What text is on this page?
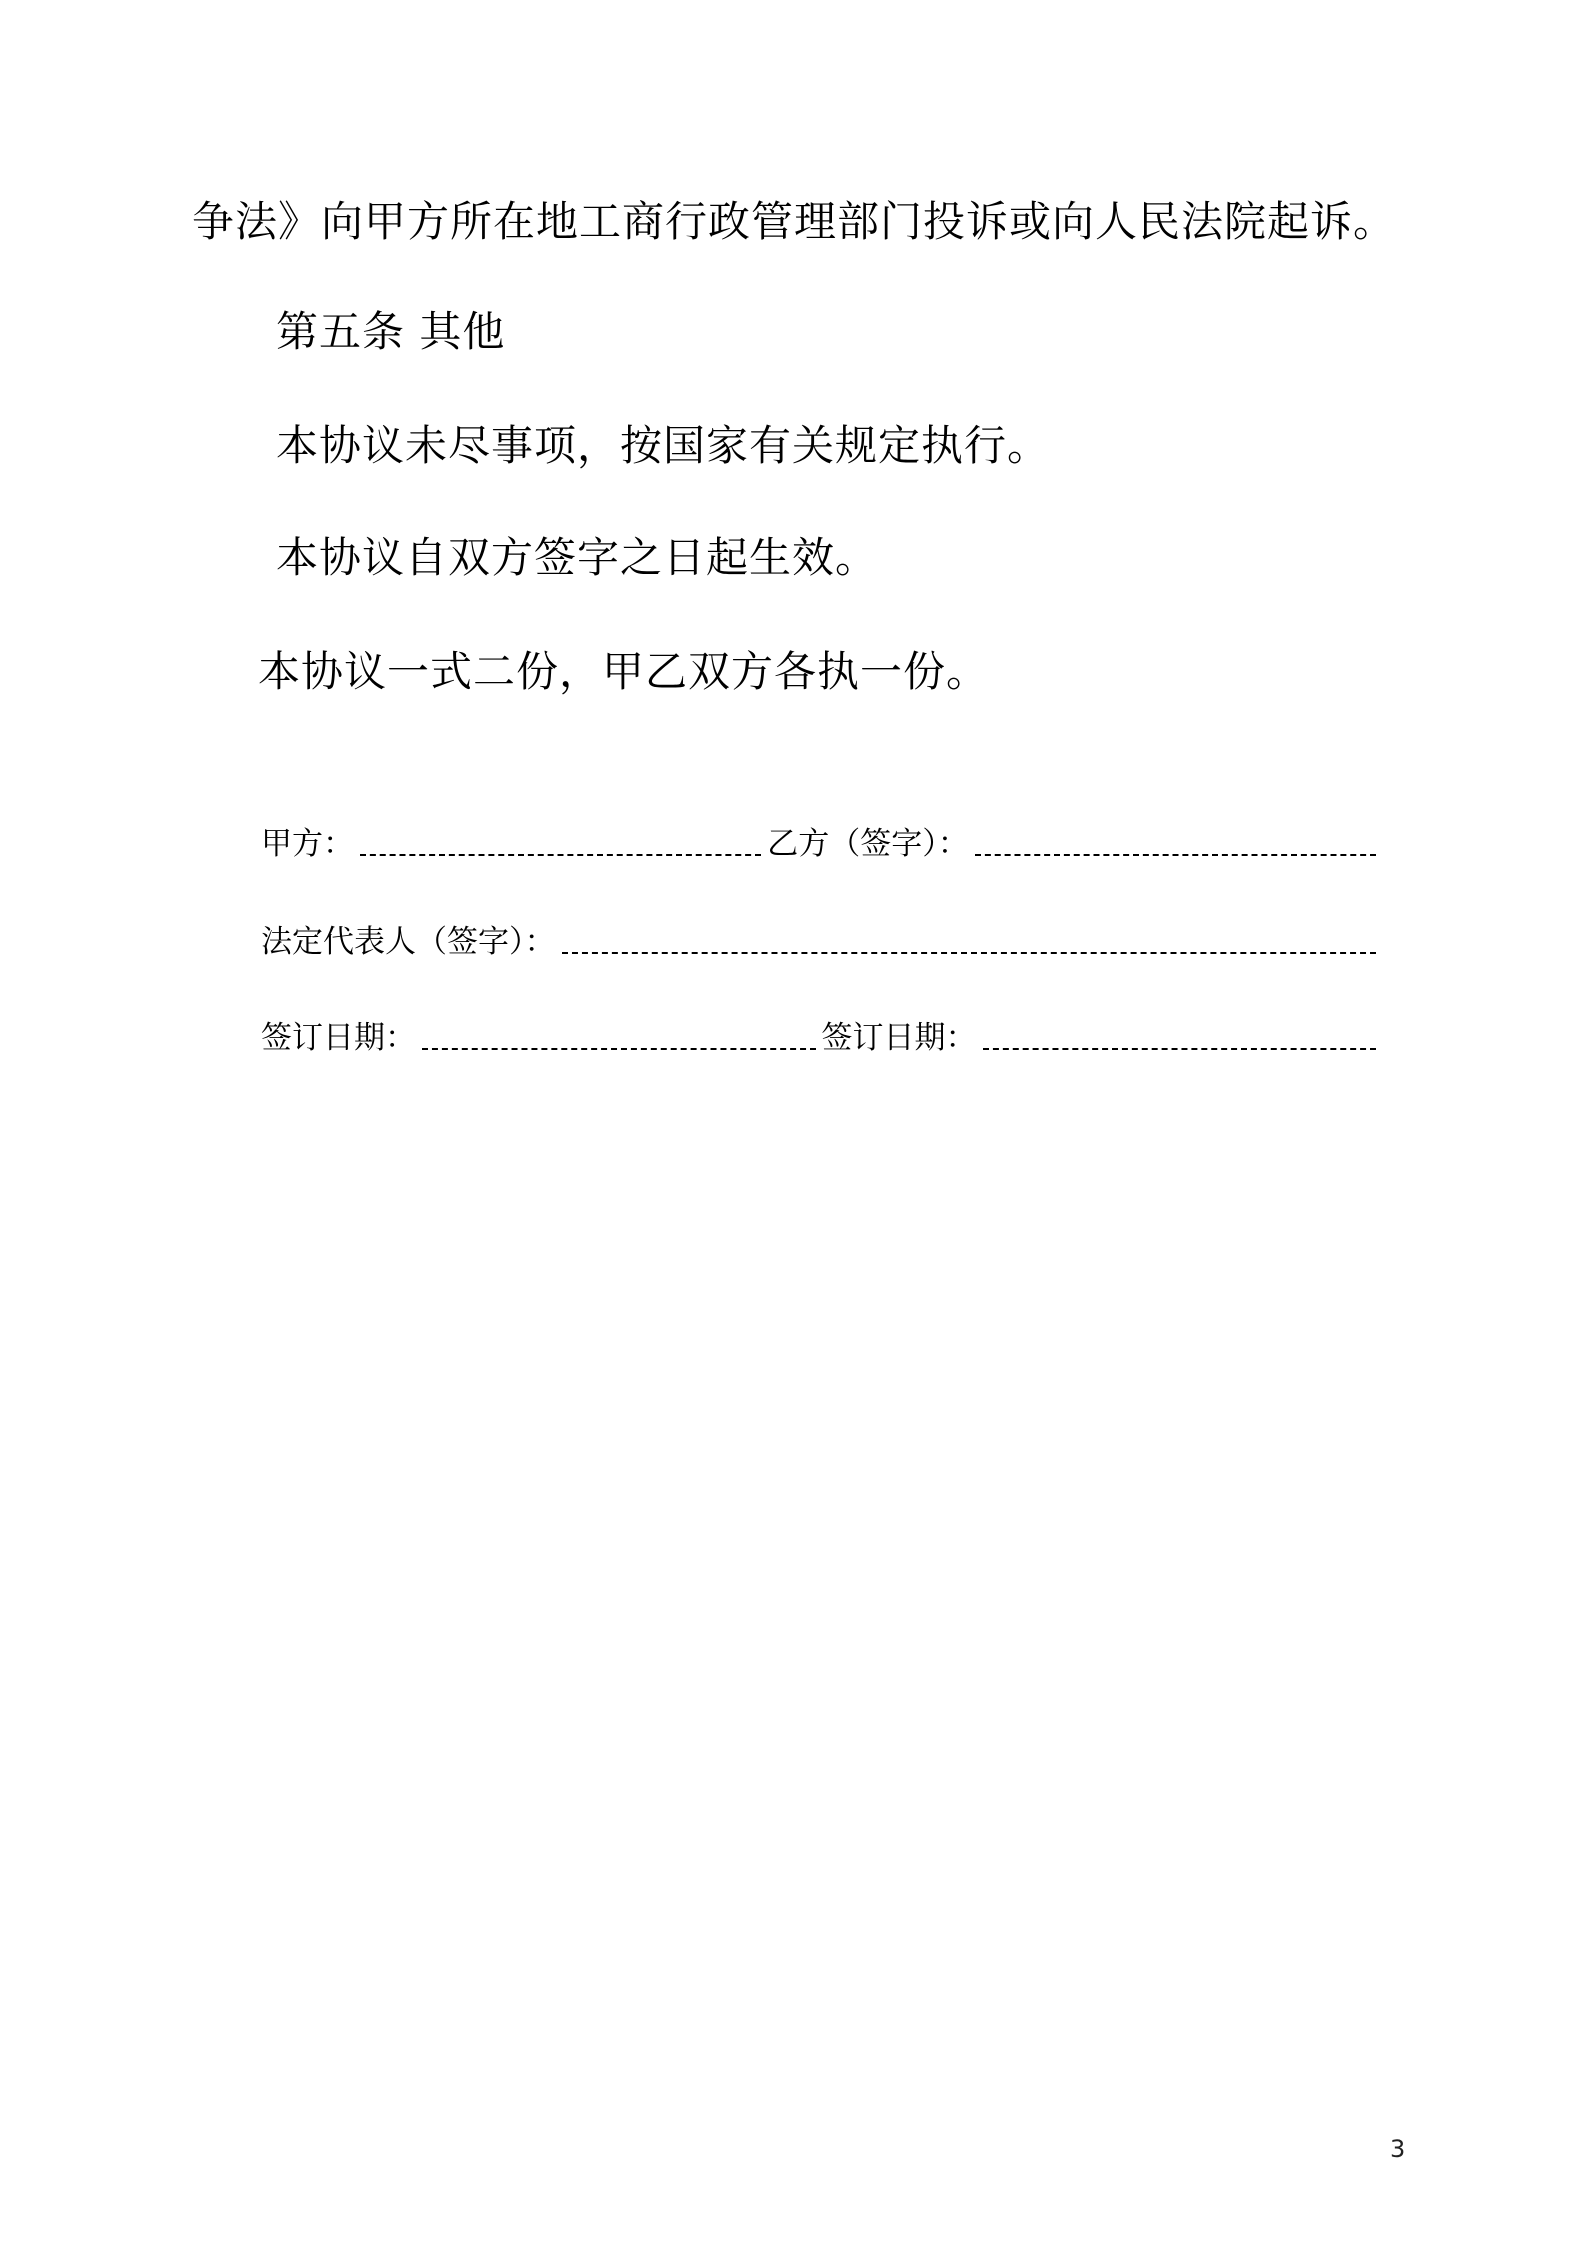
争法》向甲方所在地工商行政管理部门投诉或向人民法院起诉。
第五条 其他
本协议未尽事项，按国家有关规定执行。
本协议自双方签字之日起生效。
本协议一式二份，甲乙双方各执一份。
甲方：	乙方（签字）：
法定代表人（签字）：
签订日期：	签订日期：
3
